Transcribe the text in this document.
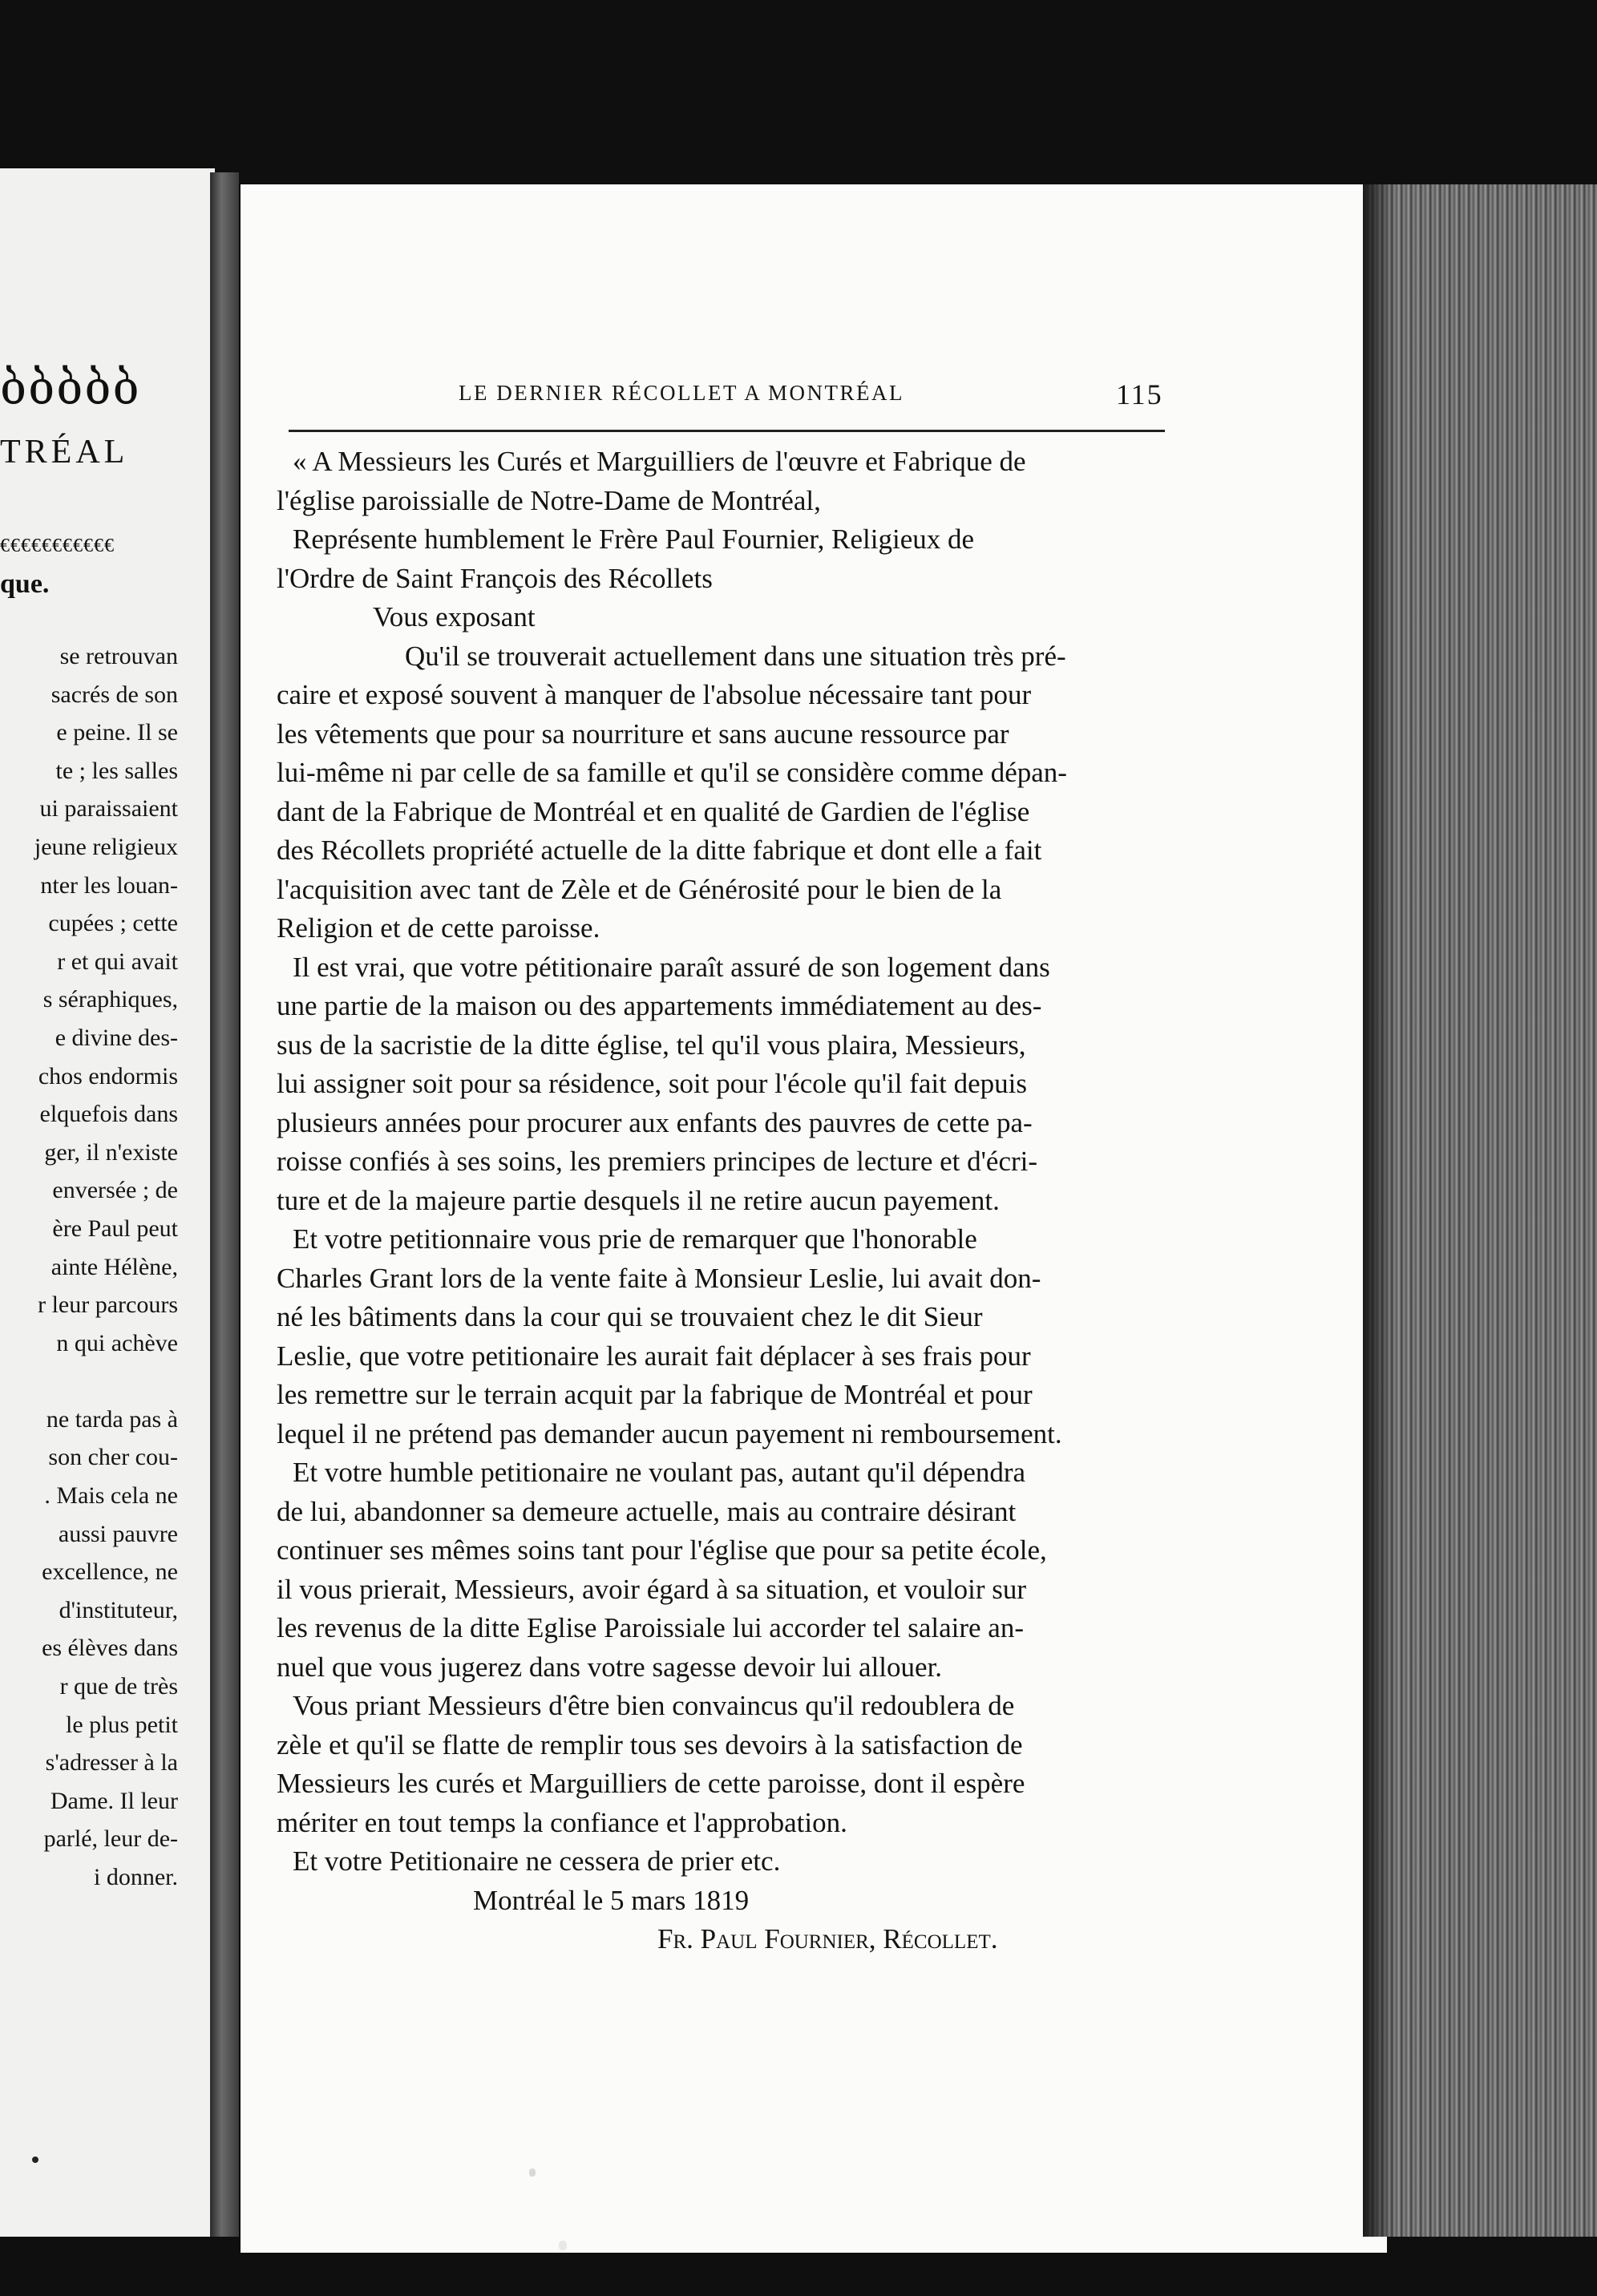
ბბბბბ
TRÉAL
€€€€€€€€€€€
que.
se retrouvan
sacrés de son
e peine. Il se
te ; les salles
ui paraissaient
jeune religieux
nter les louan-
cupées ; cette
r et qui avait
s séraphiques,
e divine des-
chos endormis
elquefois dans
ger, il n'existe
enversée ; de
ère Paul peut
ainte Hélène,
r leur parcours
n qui achève

ne tarda pas à
son cher cou-
. Mais cela ne
aussi pauvre
excellence, ne
d'instituteur,
es élèves dans
r que de très
le plus petit
s'adresser à la
Dame. Il leur
parlé, leur de-
i donner.
LE DERNIER RÉCOLLET A MONTRÉAL	115
« A Messieurs les Curés et Marguilliers de l'œuvre et Fabrique de
l'église paroissialle de Notre-Dame de Montréal,
Représente humblement le Frère Paul Fournier, Religieux de
l'Ordre de Saint François des Récollets
Vous exposant
Qu'il se trouverait actuellement dans une situation très pré-
caire et exposé souvent à manquer de l'absolue nécessaire tant pour
les vêtements que pour sa nourriture et sans aucune ressource par
lui-même ni par celle de sa famille et qu'il se considère comme dépan-
dant de la Fabrique de Montréal et en qualité de Gardien de l'église
des Récollets propriété actuelle de la ditte fabrique et dont elle a fait
l'acquisition avec tant de Zèle et de Générosité pour le bien de la
Religion et de cette paroisse.
Il est vrai, que votre pétitionaire paraît assuré de son logement dans
une partie de la maison ou des appartements immédiatement au des-
sus de la sacristie de la ditte église, tel qu'il vous plaira, Messieurs,
lui assigner soit pour sa résidence, soit pour l'école qu'il fait depuis
plusieurs années pour procurer aux enfants des pauvres de cette pa-
roisse confiés à ses soins, les premiers principes de lecture et d'écri-
ture et de la majeure partie desquels il ne retire aucun payement.
Et votre petitionnaire vous prie de remarquer que l'honorable
Charles Grant lors de la vente faite à Monsieur Leslie, lui avait don-
né les bâtiments dans la cour qui se trouvaient chez le dit Sieur
Leslie, que votre petitionaire les aurait fait déplacer à ses frais pour
les remettre sur le terrain acquit par la fabrique de Montréal et pour
lequel il ne prétend pas demander aucun payement ni remboursement.
Et votre humble petitionaire ne voulant pas, autant qu'il dépendra
de lui, abandonner sa demeure actuelle, mais au contraire désirant
continuer ses mêmes soins tant pour l'église que pour sa petite école,
il vous prierait, Messieurs, avoir égard à sa situation, et vouloir sur
les revenus de la ditte Eglise Paroissiale lui accorder tel salaire an-
nuel que vous jugerez dans votre sagesse devoir lui allouer.
Vous priant Messieurs d'être bien convaincus qu'il redoublera de
zèle et qu'il se flatte de remplir tous ses devoirs à la satisfaction de
Messieurs les curés et Marguilliers de cette paroisse, dont il espère
mériter en tout temps la confiance et l'approbation.
Et votre Petitionaire ne cessera de prier etc.
Montréal le 5 mars 1819
Fr. Paul Fournier, Récollet.
